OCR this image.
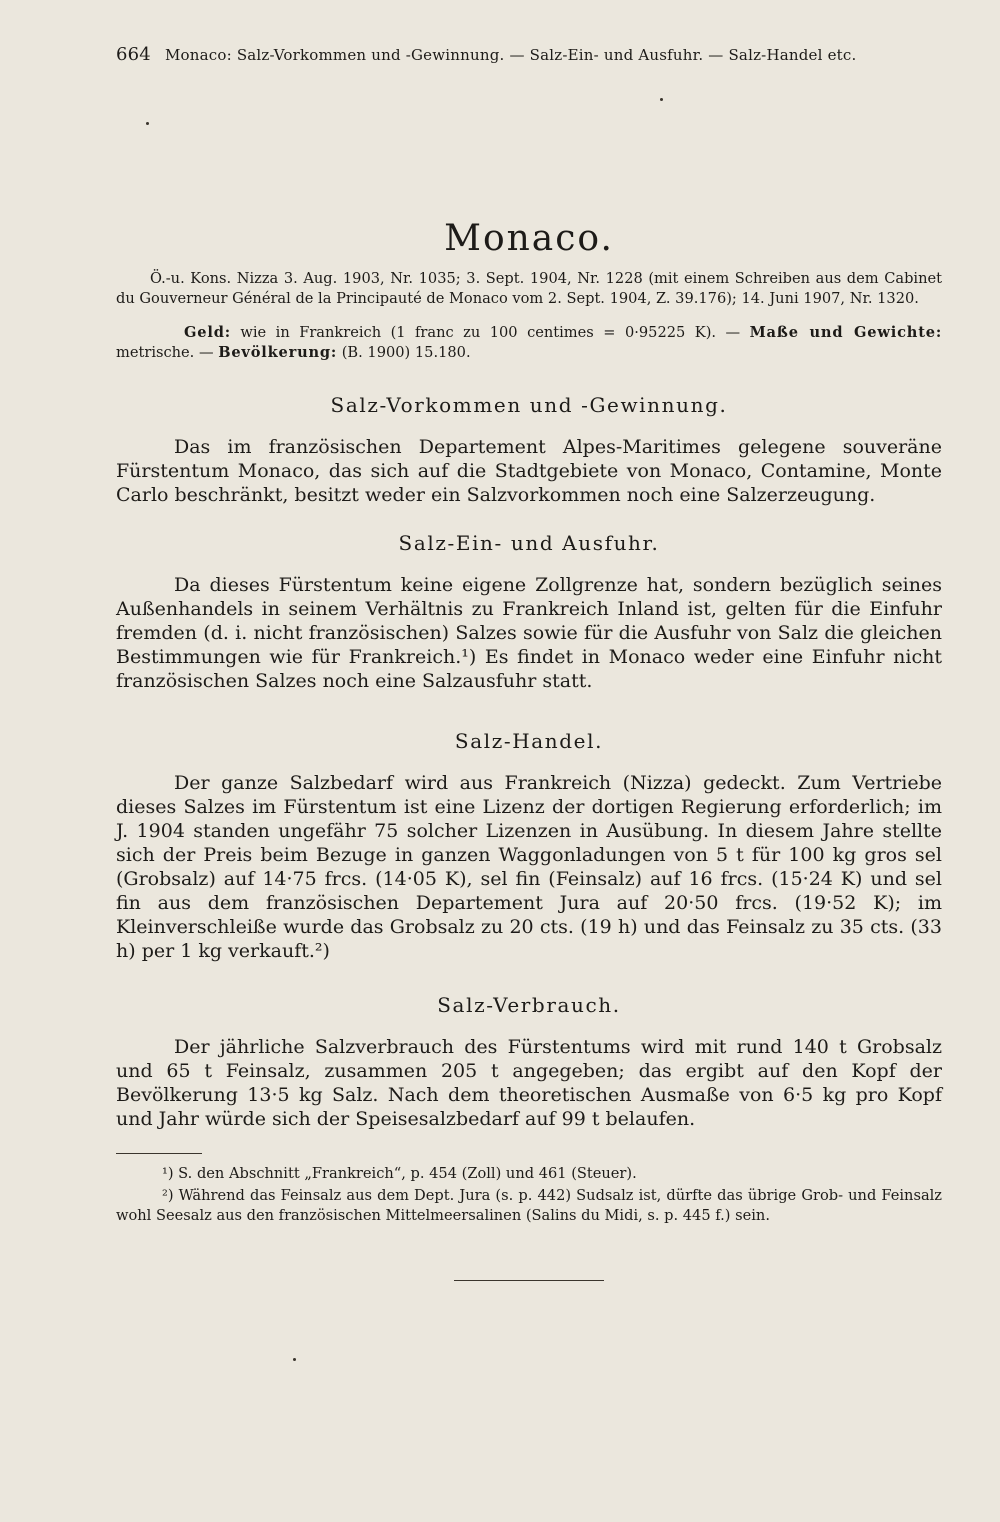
664 Monaco: Salz-Vorkommen und -Gewinnung. — Salz-Ein- und Ausfuhr. — Salz-Handel etc.
Monaco.

Ö.-u. Kons. Nizza 3. Aug. 1903, Nr. 1035; 3. Sept. 1904, Nr. 1228 (mit einem Schreiben aus dem Cabinet du Gouverneur Général de la Principauté de Monaco vom 2. Sept. 1904, Z. 39.176); 14. Juni 1907, Nr. 1320.

Geld: wie in Frankreich (1 franc zu 100 centimes = 0·95225 K). — Maße und Gewichte: metrische. — Bevölkerung: (B. 1900) 15.180.

Salz-Vorkommen und -Gewinnung.

Das im französischen Departement Alpes-Maritimes gelegene souveräne Fürstentum Monaco, das sich auf die Stadtgebiete von Monaco, Contamine, Monte Carlo beschränkt, besitzt weder ein Salzvorkommen noch eine Salzerzeugung.

Salz-Ein- und Ausfuhr.

Da dieses Fürstentum keine eigene Zollgrenze hat, sondern bezüglich seines Außenhandels in seinem Verhältnis zu Frankreich Inland ist, gelten für die Einfuhr fremden (d. i. nicht französischen) Salzes sowie für die Ausfuhr von Salz die gleichen Bestimmungen wie für Frankreich.¹) Es findet in Monaco weder eine Einfuhr nicht französischen Salzes noch eine Salzausfuhr statt.

Salz-Handel.

Der ganze Salzbedarf wird aus Frankreich (Nizza) gedeckt. Zum Vertriebe dieses Salzes im Fürstentum ist eine Lizenz der dortigen Regierung erforderlich; im J. 1904 standen ungefähr 75 solcher Lizenzen in Ausübung. In diesem Jahre stellte sich der Preis beim Bezuge in ganzen Waggonladungen von 5 t für 100 kg gros sel (Grobsalz) auf 14·75 frcs. (14·05 K), sel fin (Feinsalz) auf 16 frcs. (15·24 K) und sel fin aus dem französischen Departement Jura auf 20·50 frcs. (19·52 K); im Kleinverschleiße wurde das Grobsalz zu 20 cts. (19 h) und das Feinsalz zu 35 cts. (33 h) per 1 kg verkauft.²)

Salz-Verbrauch.

Der jährliche Salzverbrauch des Fürstentums wird mit rund 140 t Grobsalz und 65 t Feinsalz, zusammen 205 t angegeben; das ergibt auf den Kopf der Bevölkerung 13·5 kg Salz. Nach dem theoretischen Ausmaße von 6·5 kg pro Kopf und Jahr würde sich der Speisesalzbedarf auf 99 t belaufen.

¹) S. den Abschnitt „Frankreich“, p. 454 (Zoll) und 461 (Steuer).

²) Während das Feinsalz aus dem Dept. Jura (s. p. 442) Sudsalz ist, dürfte das übrige Grob- und Feinsalz wohl Seesalz aus den französischen Mittelmeersalinen (Salins du Midi, s. p. 445 f.) sein.
